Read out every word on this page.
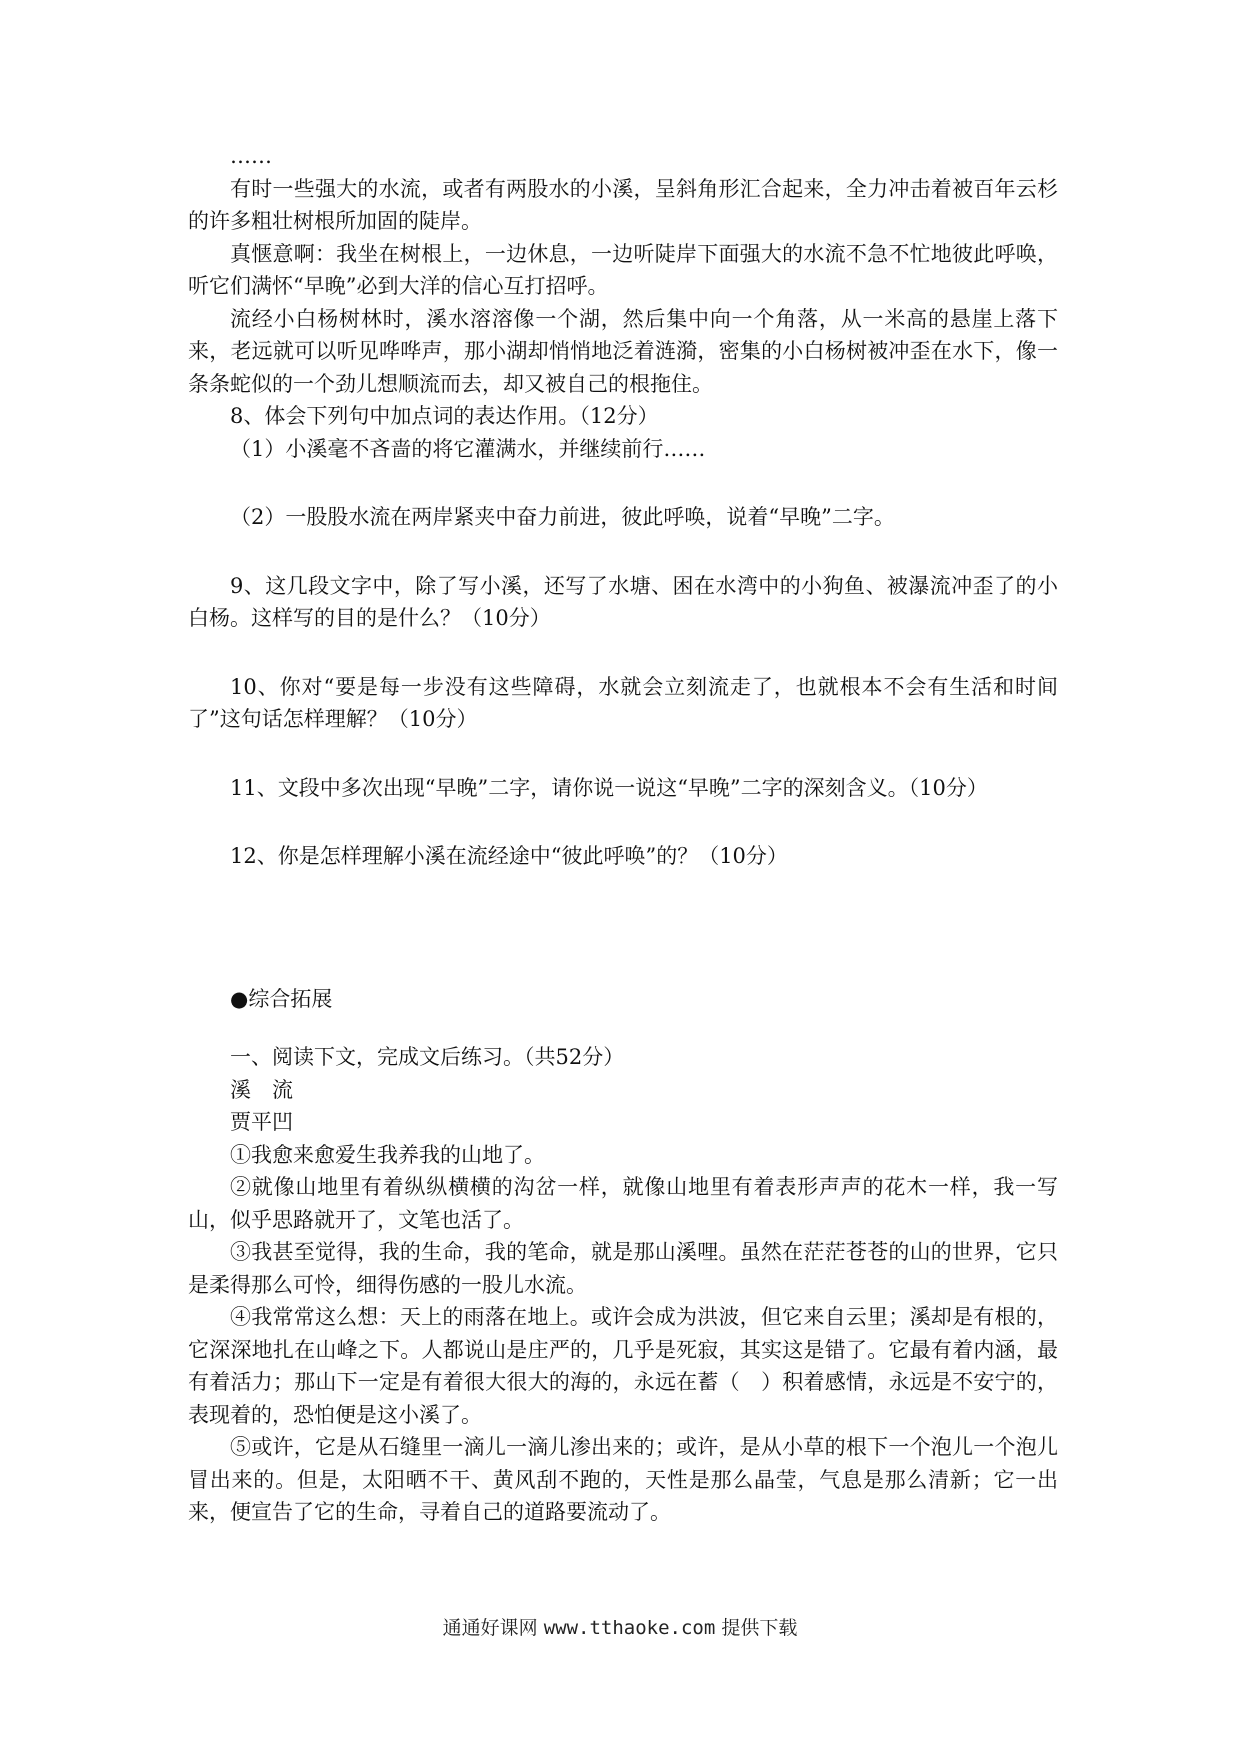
……

有时一些强大的水流，或者有两股水的小溪，呈斜角形汇合起来，全力冲击着被百年云杉的许多粗壮树根所加固的陡岸。

真惬意啊：我坐在树根上，一边休息，一边听陡岸下面强大的水流不急不忙地彼此呼唤，听它们满怀“早晚”必到大洋的信心互打招呼。

流经小白杨树林时，溪水溶溶像一个湖，然后集中向一个角落，从一米高的悬崖上落下来，老远就可以听见哗哗声，那小湖却悄悄地泛着涟漪，密集的小白杨树被冲歪在水下，像一条条蛇似的一个劲儿想顺流而去，却又被自己的根拖住。

8、体会下列句中加点词的表达作用。（12分）

（1）小溪毫不吝啬的将它灌满水，并继续前行……

（2）一股股水流在两岸紧夹中奋力前进，彼此呼唤，说着“早晚”二字。

9、这几段文字中，除了写小溪，还写了水塘、困在水湾中的小狗鱼、被瀑流冲歪了的小白杨。这样写的目的是什么？（10分）

10、你对“要是每一步没有这些障碍，水就会立刻流走了，也就根本不会有生活和时间了”这句话怎样理解？（10分）

11、文段中多次出现“早晚”二字，请你说一说这“早晚”二字的深刻含义。（10分）

12、你是怎样理解小溪在流经途中“彼此呼唤”的？（10分）

●综合拓展

一、阅读下文，完成文后练习。（共52分）

溪　流

贾平凹

①我愈来愈爱生我养我的山地了。

②就像山地里有着纵纵横横的沟岔一样，就像山地里有着表形声声的花木一样，我一写山，似乎思路就开了，文笔也活了。

③我甚至觉得，我的生命，我的笔命，就是那山溪哩。虽然在茫茫苍苍的山的世界，它只是柔得那么可怜，细得伤感的一股儿水流。

④我常常这么想：天上的雨落在地上。或许会成为洪波，但它来自云里；溪却是有根的，它深深地扎在山峰之下。人都说山是庄严的，几乎是死寂，其实这是错了。它最有着内涵，最有着活力；那山下一定是有着很大很大的海的，永远在蓄（　）积着感情，永远是不安宁的，表现着的，恐怕便是这小溪了。

⑤或许，它是从石缝里一滴儿一滴儿渗出来的；或许，是从小草的根下一个泡儿一个泡儿冒出来的。但是，太阳晒不干、黄风刮不跑的，天性是那么晶莹，气息是那么清新；它一出来，便宣告了它的生命，寻着自己的道路要流动了。

通通好课网 www.tthaoke.com 提供下载
